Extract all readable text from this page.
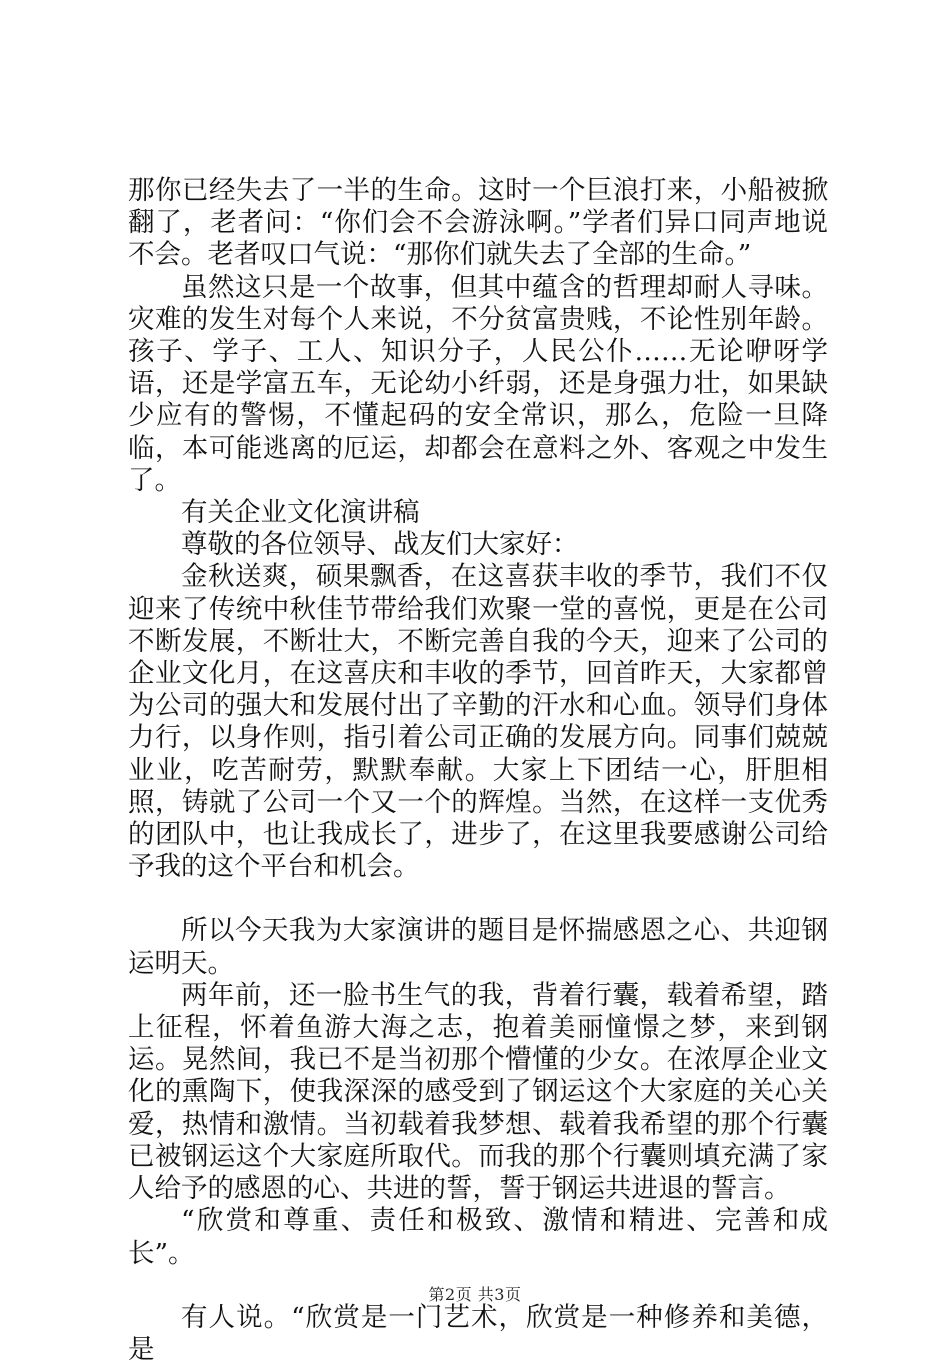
那你已经失去了一半的生命。这时一个巨浪打来，小船被掀翻了，老者问：“你们会不会游泳啊。”学者们异口同声地说不会。老者叹口气说：“那你们就失去了全部的生命。”

虽然这只是一个故事，但其中蕴含的哲理却耐人寻味。灾难的发生对每个人来说，不分贫富贵贱，不论性别年龄。孩子、学子、工人、知识分子，人民公仆……无论咿呀学语，还是学富五车，无论幼小纤弱，还是身强力壮，如果缺少应有的警惕，不懂起码的安全常识，那么，危险一旦降临，本可能逃离的厄运，却都会在意料之外、客观之中发生了。

有关企业文化演讲稿

尊敬的各位领导、战友们大家好：

金秋送爽，硕果飘香，在这喜获丰收的季节，我们不仅迎来了传统中秋佳节带给我们欢聚一堂的喜悦，更是在公司不断发展，不断壮大，不断完善自我的今天，迎来了公司的企业文化月，在这喜庆和丰收的季节，回首昨天，大家都曾为公司的强大和发展付出了辛勤的汗水和心血。领导们身体力行，以身作则，指引着公司正确的发展方向。同事们兢兢业业，吃苦耐劳，默默奉献。大家上下团结一心，肝胆相照，铸就了公司一个又一个的辉煌。当然，在这样一支优秀的团队中，也让我成长了，进步了，在这里我要感谢公司给予我的这个平台和机会。

所以今天我为大家演讲的题目是怀揣感恩之心、共迎钢运明天。

两年前，还一脸书生气的我，背着行囊，载着希望，踏上征程，怀着鱼游大海之志，抱着美丽憧憬之梦，来到钢运。晃然间，我已不是当初那个懵懂的少女。在浓厚企业文化的熏陶下，使我深深的感受到了钢运这个大家庭的关心关爱，热情和激情。当初载着我梦想、载着我希望的那个行囊已被钢运这个大家庭所取代。而我的那个行囊则填充满了家人给予的感恩的心、共进的誓，誓于钢运共进退的誓言。

“欣赏和尊重、责任和极致、激情和精进、完善和成长”。

有人说。“欣赏是一门艺术，欣赏是一种修养和美德，是

第2页 共3页
